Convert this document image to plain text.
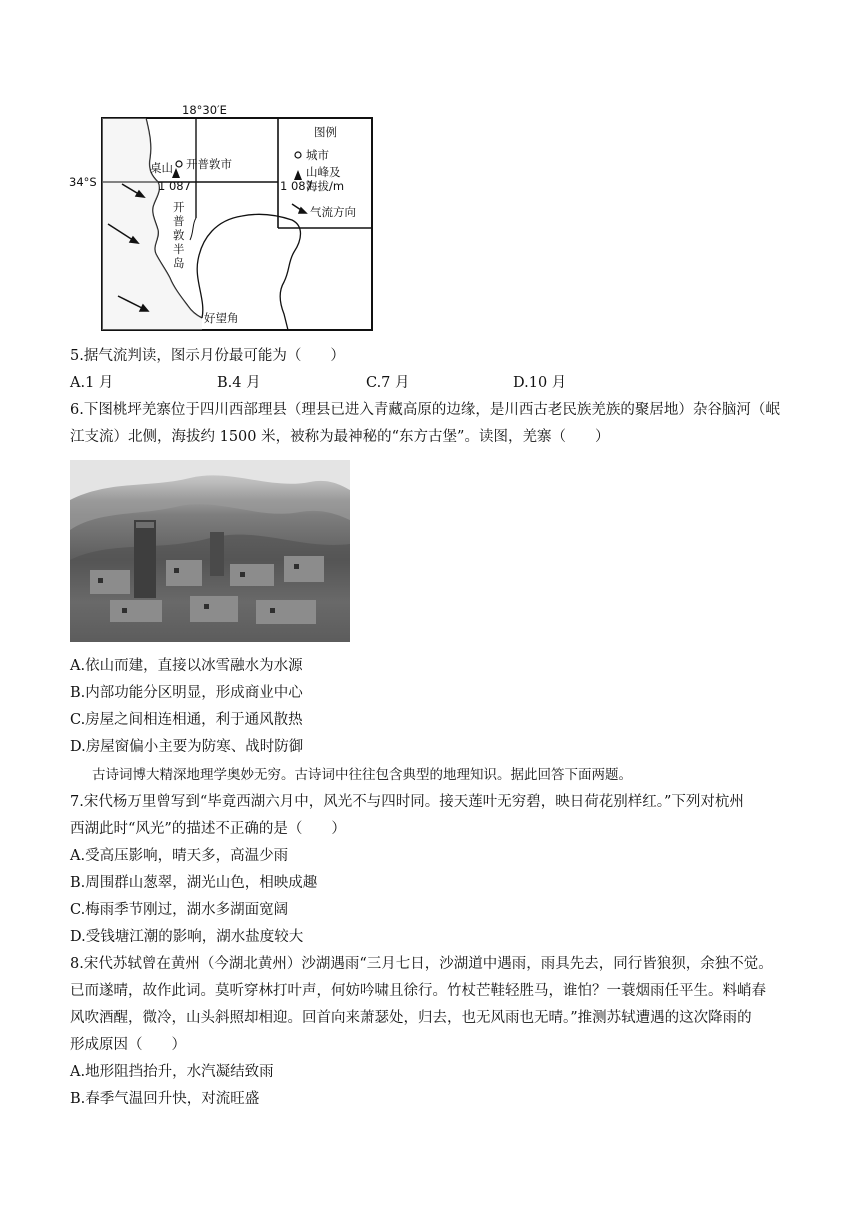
18°30′E
34°S
开普敦市
桌山
1 087
开
普
敦
半
岛
好望角
图例
城市
山峰及
1 087
海拔/m
气流方向
5.据气流判读，图示月份最可能为（　　）
A.1 月	B.4 月	C.7 月	D.10 月
6.下图桃坪羌寨位于四川西部理县（理县已进入青藏高原的边缘，是川西古老民族羌族的聚居地）杂谷脑河（岷
江支流）北侧，海拔约 1500 米，被称为最神秘的“东方古堡”。读图，羌寨（　　）
A.依山而建，直接以冰雪融水为水源
B.内部功能分区明显，形成商业中心
C.房屋之间相连相通，利于通风散热
D.房屋窗偏小主要为防寒、战时防御
古诗词博大精深地理学奥妙无穷。古诗词中往往包含典型的地理知识。据此回答下面两题。
7.宋代杨万里曾写到“毕竟西湖六月中，风光不与四时同。接天莲叶无穷碧，映日荷花别样红。”下列对杭州
西湖此时“风光”的描述不正确的是（　　）
A.受高压影响，晴天多，高温少雨
B.周围群山葱翠，湖光山色，相映成趣
C.梅雨季节刚过，湖水多湖面宽阔
D.受钱塘江潮的影响，湖水盐度较大
8.宋代苏轼曾在黄州（今湖北黄州）沙湖遇雨“三月七日，沙湖道中遇雨，雨具先去，同行皆狼狈，余独不觉。
已而遂晴，故作此词。莫听穿林打叶声，何妨吟啸且徐行。竹杖芒鞋轻胜马，谁怕？一蓑烟雨任平生。料峭春
风吹酒醒，微冷，山头斜照却相迎。回首向来萧瑟处，归去，也无风雨也无晴。”推测苏轼遭遇的这次降雨的
形成原因（　　）
A.地形阻挡抬升，水汽凝结致雨
B.春季气温回升快，对流旺盛
